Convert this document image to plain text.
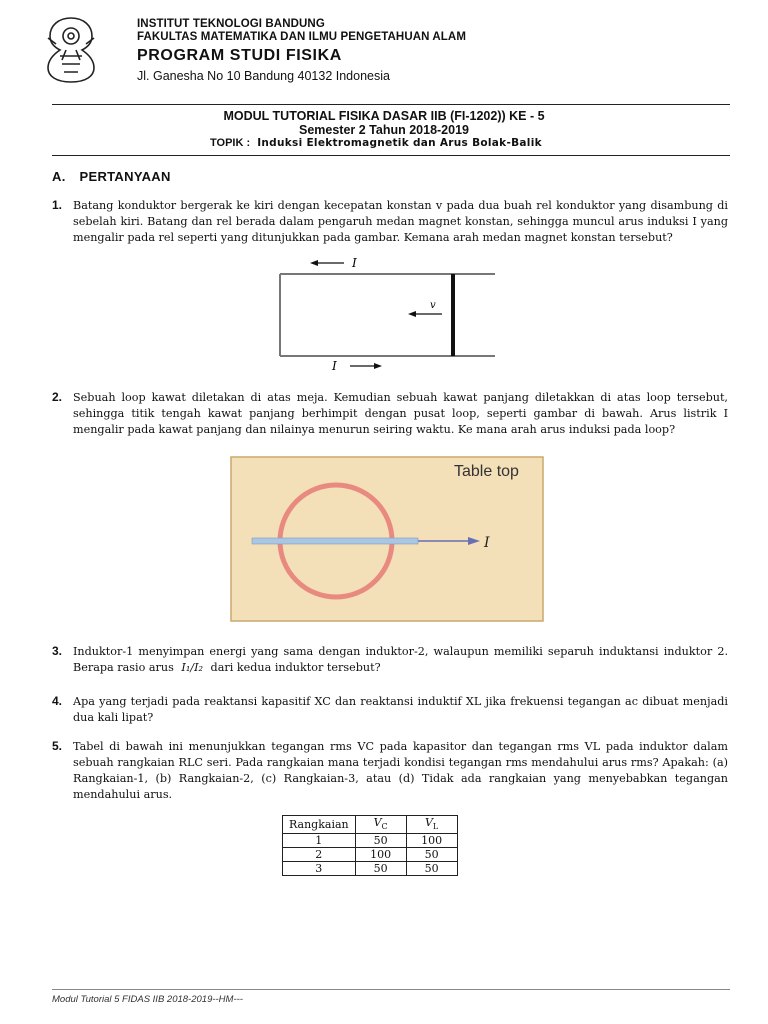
INSTITUT TEKNOLOGI BANDUNG
FAKULTAS MATEMATIKA DAN ILMU PENGETAHUAN ALAM
PROGRAM STUDI FISIKA
Jl. Ganesha No 10 Bandung 40132 Indonesia
MODUL TUTORIAL FISIKA DASAR IIB (FI-1202)) KE - 5
Semester 2 Tahun 2018-2019
TOPIK : Induksi Elektromagnetik dan Arus Bolak-Balik
A. PERTANYAAN
1. Batang konduktor bergerak ke kiri dengan kecepatan konstan v pada dua buah rel konduktor yang disambung di sebelah kiri. Batang dan rel berada dalam pengaruh medan magnet konstan, sehingga muncul arus induksi I yang mengalir pada rel seperti yang ditunjukkan pada gambar. Kemana arah medan magnet konstan tersebut?
I
v
I
2. Sebuah loop kawat diletakan di atas meja. Kemudian sebuah kawat panjang diletakkan di atas loop tersebut, sehingga titik tengah kawat panjang berhimpit dengan pusat loop, seperti gambar di bawah. Arus listrik I mengalir pada kawat panjang dan nilainya menurun seiring waktu. Ke mana arah arus induksi pada loop?
Table top
I
3. Induktor-1 menyimpan energi yang sama dengan induktor-2, walaupun memiliki separuh induktansi induktor 2. Berapa rasio arus I₁/I₂ dari kedua induktor tersebut?
4. Apa yang terjadi pada reaktansi kapasitif XC dan reaktansi induktif XL jika frekuensi tegangan ac dibuat menjadi dua kali lipat?
5. Tabel di bawah ini menunjukkan tegangan rms VC pada kapasitor dan tegangan rms VL pada induktor dalam sebuah rangkaian RLC seri. Pada rangkaian mana terjadi kondisi tegangan rms mendahului arus rms? Apakah: (a) Rangkaian-1, (b) Rangkaian-2, (c) Rangkaian-3, atau (d) Tidak ada rangkaian yang menyebabkan tegangan mendahului arus.
Rangkaian	$V_C$	$V_L$
1	50	100
2	100	50
3	50	50
Modul Tutorial 5 FIDAS IIB 2018-2019--HM---
